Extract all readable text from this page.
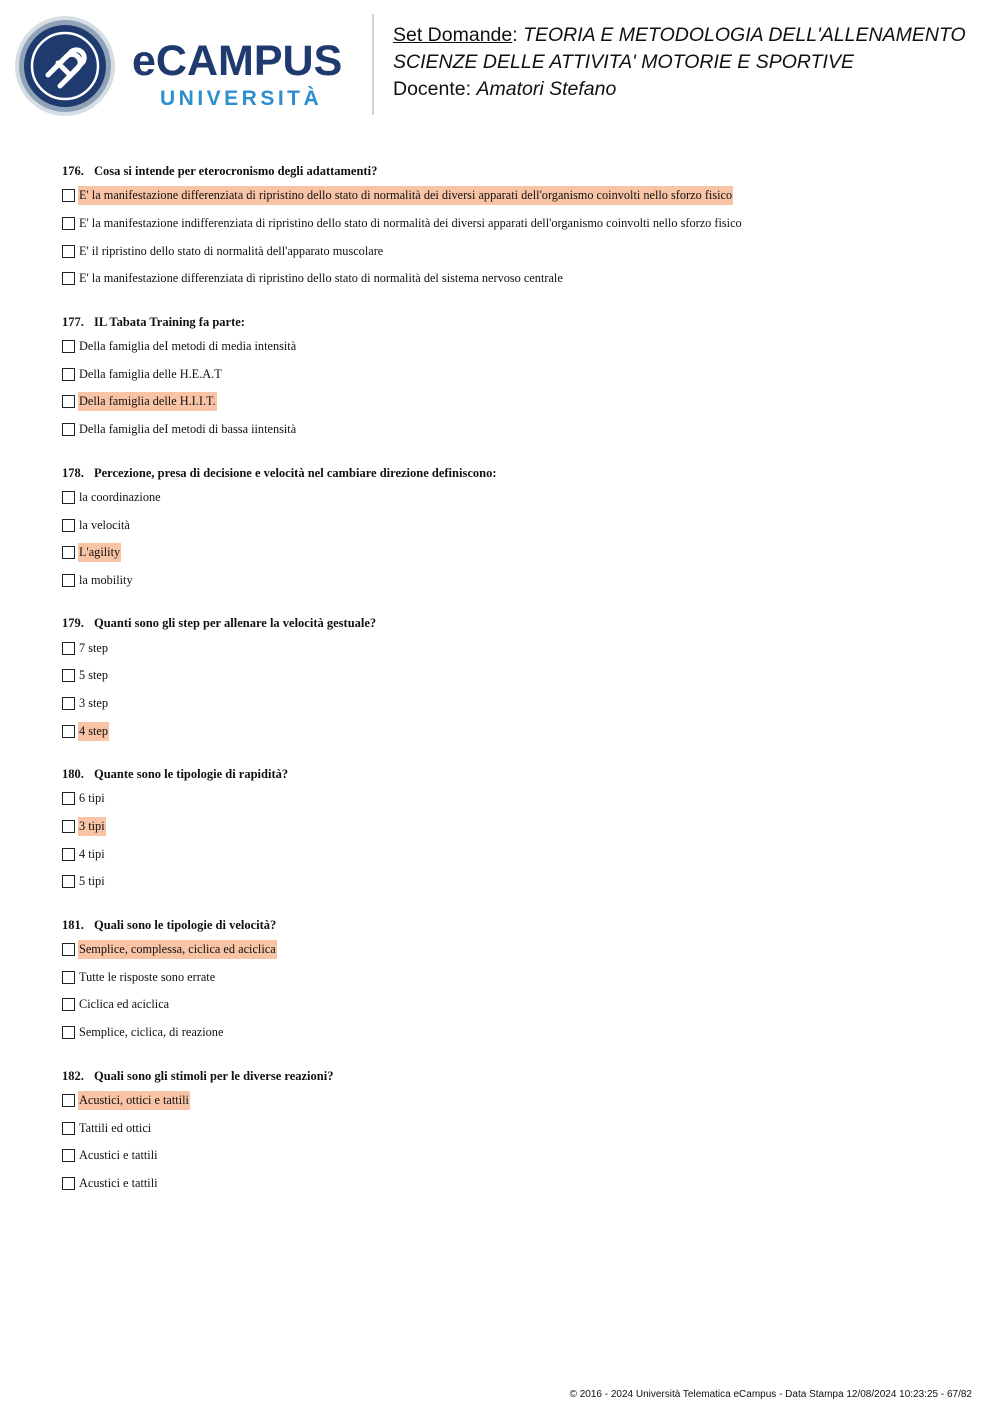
eCAMPUS
UNIVERSITÀ
Set Domande: TEORIA E METODOLOGIA DELL'ALLENAMENTO
SCIENZE DELLE ATTIVITA' MOTORIE E SPORTIVE
Docente: Amatori Stefano
176. Cosa si intende per eterocronismo degli adattamenti?
E' la manifestazione differenziata di ripristino dello stato di normalità dei diversi apparati dell'organismo coinvolti nello sforzo fisico
E' la manifestazione indifferenziata di ripristino dello stato di normalità dei diversi apparati dell'organismo coinvolti nello sforzo fisico
E' il ripristino dello stato di normalità dell'apparato muscolare
E' la manifestazione differenziata di ripristino dello stato di normalità del sistema nervoso centrale
177. IL Tabata Training fa parte:
Della famiglia deI metodi di media intensità
Della famiglia delle H.E.A.T
Della famiglia delle H.I.I.T.
Della famiglia deI metodi di bassa iintensità
178. Percezione, presa di decisione e velocità nel cambiare direzione definiscono:
la coordinazione
la velocità
L'agility
la mobility
179. Quanti sono gli step per allenare la velocità gestuale?
7 step
5 step
3 step
4 step
180. Quante sono le tipologie di rapidità?
6 tipi
3 tipi
4 tipi
5 tipi
181. Quali sono le tipologie di velocità?
Semplice, complessa, ciclica ed aciclica
Tutte le risposte sono errate
Ciclica ed aciclica
Semplice, ciclica, di reazione
182. Quali sono gli stimoli per le diverse reazioni?
Acustici, ottici e tattili
Tattili ed ottici
Acustici e tattili
Acustici e tattili
© 2016 - 2024 Università Telematica eCampus - Data Stampa 12/08/2024 10:23:25 - 67/82
